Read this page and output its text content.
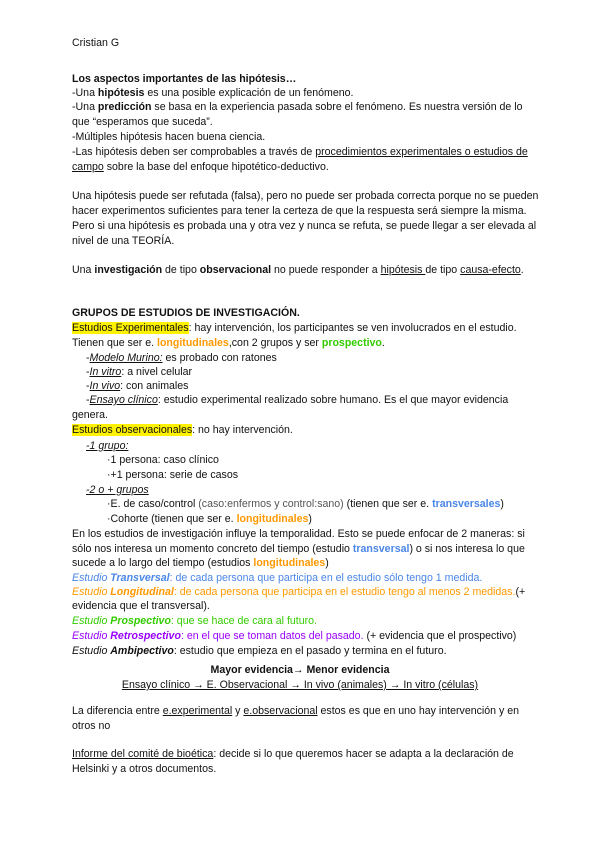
Cristian G
Los aspectos importantes de las hipótesis…
-Una hipótesis es una posible explicación de un fenómeno.
-Una predicción se basa en la experiencia pasada sobre el fenómeno. Es nuestra versión de lo
que “esperamos que suceda”.
-Múltiples hipótesis hacen buena ciencia.
-Las hipótesis deben ser comprobables a través de procedimientos experimentales o estudios de
campo sobre la base del enfoque hipotético-deductivo.
Una hipótesis puede ser refutada (falsa), pero no puede ser probada correcta porque no se pueden
hacer experimentos suficientes para tener la certeza de que la respuesta será siempre la misma.
Pero si una hipótesis es probada una y otra vez y nunca se refuta, se puede llegar a ser elevada al
nivel de una TEORÍA.
Una investigación de tipo observacional no puede responder a hipótesis de tipo causa-efecto.
GRUPOS DE ESTUDIOS DE INVESTIGACIÓN.
Estudios Experimentales: hay intervención, los participantes se ven involucrados en el estudio.
Tienen que ser e. longitudinales,con 2 grupos y ser prospectivo.
-Modelo Murino: es probado con ratones
-In vitro: a nivel celular
-In vivo: con animales
-Ensayo clínico: estudio experimental realizado sobre humano. Es el que mayor evidencia
genera.
Estudios observacionales: no hay intervención.
-1 grupo:
·1 persona: caso clínico
·+1 persona: serie de casos
-2 o + grupos
·E. de caso/control (caso:enfermos y control:sano) (tienen que ser e. transversales)
·Cohorte (tienen que ser e. longitudinales)
En los estudios de investigación influye la temporalidad. Esto se puede enfocar de 2 maneras: si
sólo nos interesa un momento concreto del tiempo (estudio transversal) o si nos interesa lo que
sucede a lo largo del tiempo (estudios longitudinales)
Estudio Transversal: de cada persona que participa en el estudio sólo tengo 1 medida.
Estudio Longitudinal: de cada persona que participa en el estudio tengo al menos 2 medidas.(+
evidencia que el transversal).
Estudio Prospectivo: que se hace de cara al futuro.
Estudio Retrospectivo: en el que se toman datos del pasado. (+ evidencia que el prospectivo)
Estudio Ambipectivo: estudio que empieza en el pasado y termina en el futuro.
Mayor evidencia→ Menor evidencia
Ensayo clínico → E. Observacional → In vivo (animales) → In vitro (células)
La diferencia entre e.experimental y e.observacional estos es que en uno hay intervención y en
otros no
Informe del comité de bioética: decide si lo que queremos hacer se adapta a la declaración de
Helsinki y a otros documentos.
